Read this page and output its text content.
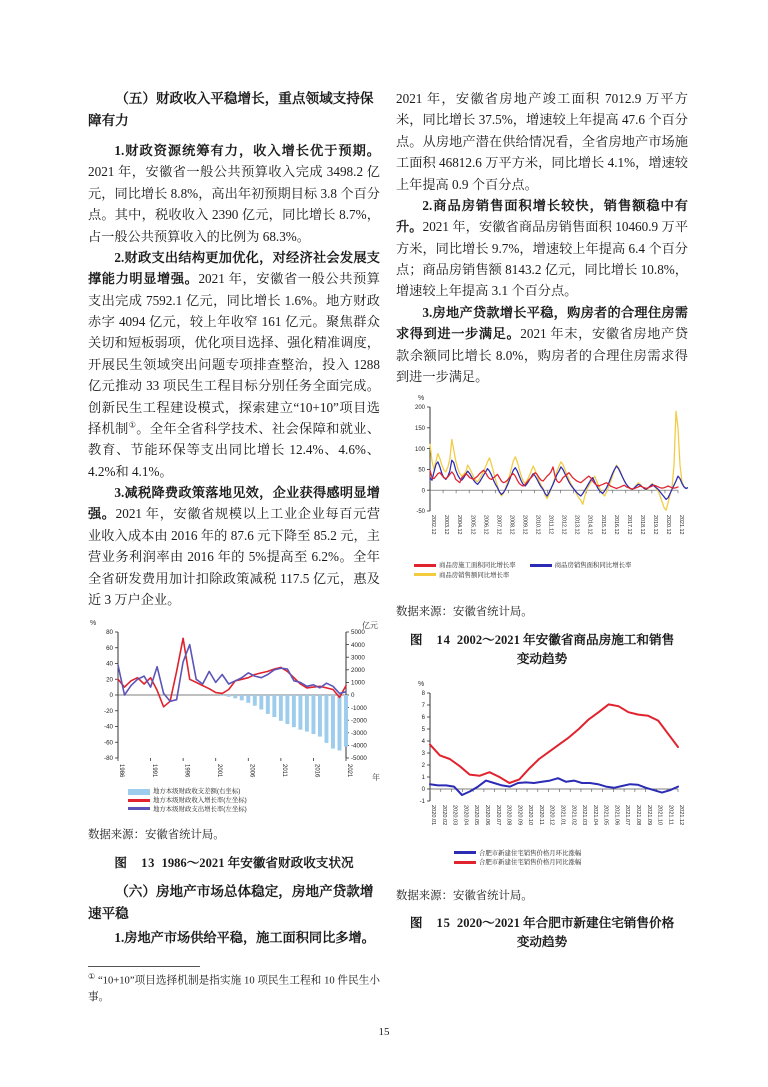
（五）财政收入平稳增长，重点领域支持保障有力

1.财政资源统筹有力，收入增长优于预期。2021 年，安徽省一般公共预算收入完成 3498.2 亿元，同比增长 8.8%，高出年初预期目标 3.8 个百分点。其中，税收收入 2390 亿元，同比增长 8.7%，占一般公共预算收入的比例为 68.3%。

2.财政支出结构更加优化，对经济社会发展支撑能力明显增强。2021 年，安徽省一般公共预算支出完成 7592.1 亿元，同比增长 1.6%。地方财政赤字 4094 亿元，较上年收窄 161 亿元。聚焦群众关切和短板弱项，优化项目选择、强化精准调度，开展民生领域突出问题专项排查整治，投入 1288 亿元推动 33 项民生工程目标分别任务全面完成。创新民生工程建设模式，探索建立“10+10”项目选择机制①。全年全省科学技术、社会保障和就业、教育、节能环保等支出同比增长 12.4%、4.6%、4.2%和 4.1%。

3.减税降费政策落地见效，企业获得感明显增强。2021 年，安徽省规模以上工业企业每百元营业收入成本由 2016 年的 87.6 元下降至 85.2 元，主营业务利润率由 2016 年的 5%提高至 6.2%。全年全省研发费用加计扣除政策减税 117.5 亿元，惠及近 3 万户企业。

%	亿元
80
60
40
20
0
-20
-40
-60
-80
5000
4000
3000
2000
1000
0
-1000
-2000
-3000
-4000
-5000
1986	1991	1996	2001	2006	2011	2016	2021
年
地方本级财政收支差额(右坐标)
地方本级财政收入增长率(左坐标)
地方本级财政支出增长率(左坐标)

数据来源：安徽省统计局。

图　13 1986～2021 年安徽省财政收支状况
（六）房地产市场总体稳定，房地产贷款增速平稳

1.房地产市场供给平稳，施工面积同比多增。

2021 年，安徽省房地产竣工面积 7012.9 万平方米，同比增长 37.5%，增速较上年提高 47.6 个百分点。从房地产潜在供给情况看，全省房地产市场施工面积 46812.6 万平方米，同比增长 4.1%，增速较上年提高 0.9 个百分点。

2.商品房销售面积增长较快，销售额稳中有升。2021 年，安徽省商品房销售面积 10460.9 万平方米，同比增长 9.7%，增速较上年提高 6.4 个百分点；商品房销售额 8143.2 亿元，同比增长 10.8%，增速较上年提高 3.1 个百分点。

3.房地产贷款增长平稳，购房者的合理住房需求得到进一步满足。2021 年末，安徽省房地产贷款余额同比增长 8.0%，购房者的合理住房需求得到进一步满足。

%
200
150
100
50
0
-50
2002.12 2003.12 2004.12 2005.12 2006.12 2007.12 2008.12 2009.12 2010.12 2011.12 2012.12 2013.12 2014.12 2015.12 2016.12 2017.12 2018.12 2019.12 2020.12 2021.12
商品房施工面积同比增长率	商品房销售面积同比增长率
商品房销售额同比增长率

数据来源：安徽省统计局。

图　14 2002～2021 年安徽省商品房施工和销售
变动趋势
%
8
7
6
5
4
3
2
1
0
-1
2020.01 2020.02 2020.03 2020.04 2020.05 2020.06 2020.07 2020.08 2020.09 2020.10 2020.11 2020.12 2021.01 2021.02 2021.03 2021.04 2021.05 2021.06 2021.07 2021.08 2021.09 2021.10 2021.11 2021.12
合肥市新建住宅销售价格月环比涨幅
合肥市新建住宅销售价格月同比涨幅

数据来源：安徽省统计局。

图　15 2020～2021 年合肥市新建住宅销售价格
变动趋势

① “10+10”项目选择机制是指实施 10 项民生工程和 10 件民生小事。

15
